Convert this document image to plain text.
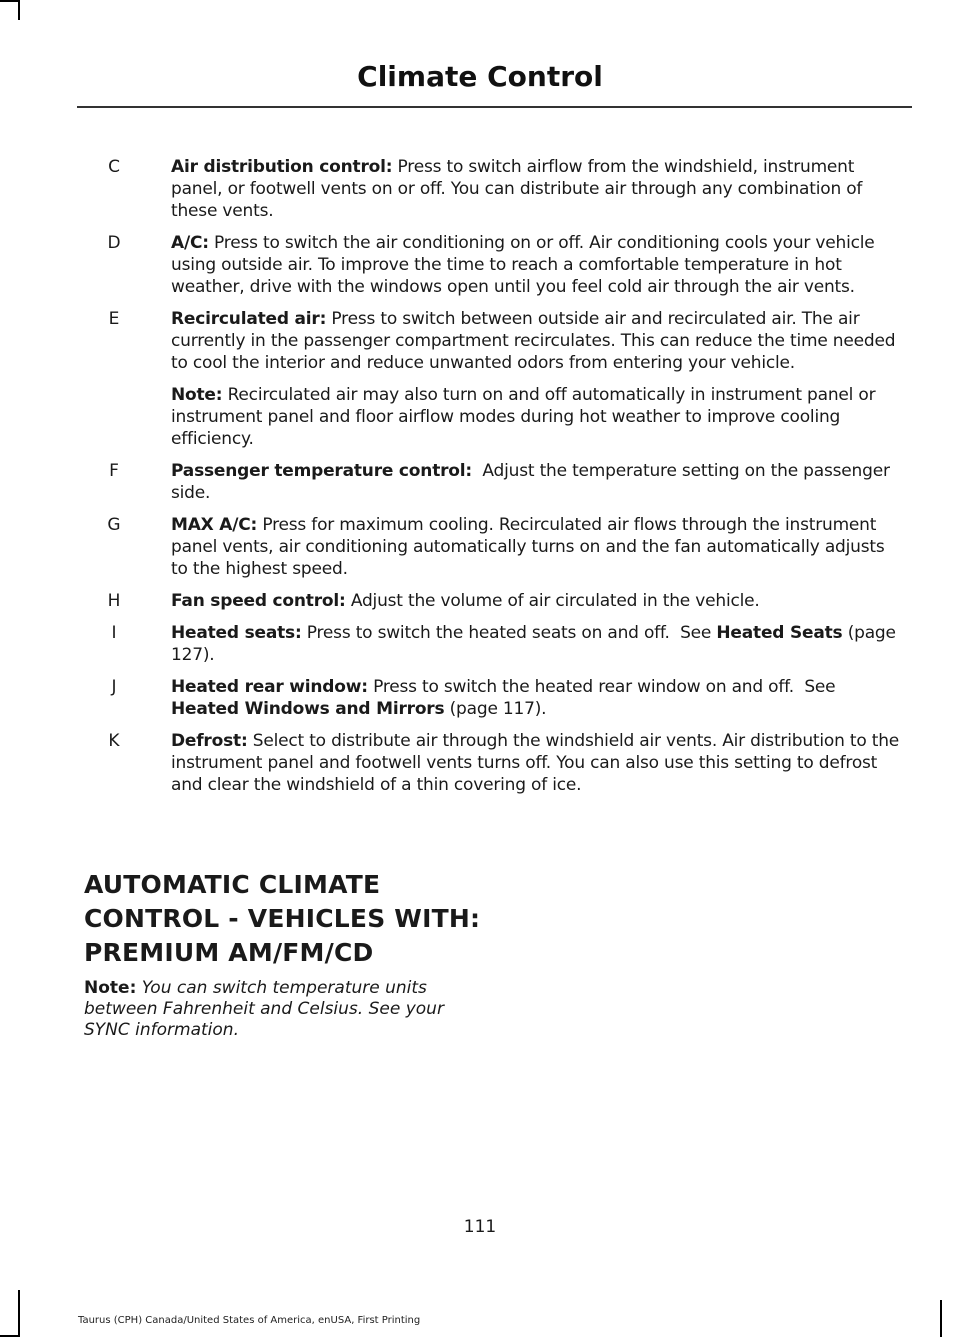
Climate Control
C	Air distribution control: Press to switch airflow from the windshield, instrument panel, or footwell vents on or off. You can distribute air through any combination of these vents.

D	A/C: Press to switch the air conditioning on or off. Air conditioning cools your vehicle using outside air. To improve the time to reach a comfortable temperature in hot weather, drive with the windows open until you feel cold air through the air vents.

E	Recirculated air: Press to switch between outside air and recirculated air. The air currently in the passenger compartment recirculates. This can reduce the time needed to cool the interior and reduce unwanted odors from entering your vehicle.

Note: Recirculated air may also turn on and off automatically in instrument panel or instrument panel and floor airflow modes during hot weather to improve cooling efficiency.

F	Passenger temperature control:  Adjust the temperature setting on the passenger side.

G	MAX A/C: Press for maximum cooling. Recirculated air flows through the instrument panel vents, air conditioning automatically turns on and the fan automatically adjusts to the highest speed.

H	Fan speed control: Adjust the volume of air circulated in the vehicle.

I	Heated seats: Press to switch the heated seats on and off.  See Heated Seats (page 127).

J	Heated rear window: Press to switch the heated rear window on and off.  See Heated Windows and Mirrors (page 117).

K	Defrost: Select to distribute air through the windshield air vents. Air distribution to the instrument panel and footwell vents turns off. You can also use this setting to defrost and clear the windshield of a thin covering of ice.

AUTOMATIC CLIMATE
CONTROL - VEHICLES WITH:
PREMIUM AM/FM/CD

Note: You can switch temperature units between Fahrenheit and Celsius. See your SYNC information.

111
Taurus (CPH) Canada/United States of America, enUSA, First Printing
